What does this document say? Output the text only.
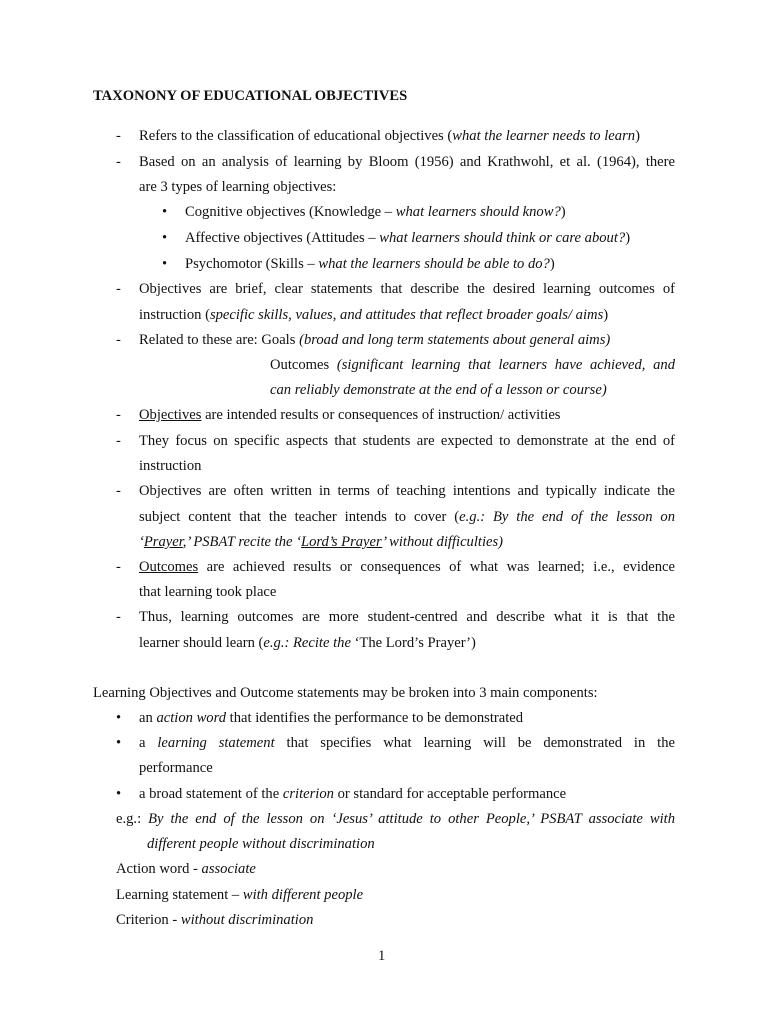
TAXONONY OF EDUCATIONAL OBJECTIVES
- Refers to the classification of educational objectives (what the learner needs to learn)
- Based on an analysis of learning by Bloom (1956) and Krathwohl, et al. (1964), there
are 3 types of learning objectives:
• Cognitive objectives (Knowledge – what learners should know?)
• Affective objectives (Attitudes – what learners should think or care about?)
• Psychomotor (Skills – what the learners should be able to do?)
- Objectives are brief, clear statements that describe the desired learning outcomes of
instruction (specific skills, values, and attitudes that reflect broader goals/ aims)
- Related to these are: Goals (broad and long term statements about general aims)
Outcomes (significant learning that learners have achieved, and
can reliably demonstrate at the end of a lesson or course)
- Objectives are intended results or consequences of instruction/ activities
- They focus on specific aspects that students are expected to demonstrate at the end of
instruction
- Objectives are often written in terms of teaching intentions and typically indicate the
subject content that the teacher intends to cover (e.g.: By the end of the lesson on
‘Prayer,’ PSBAT recite the ‘Lord’s Prayer’ without difficulties)
- Outcomes are achieved results or consequences of what was learned; i.e., evidence
that learning took place
- Thus, learning outcomes are more student-centred and describe what it is that the
learner should learn (e.g.: Recite the ‘The Lord’s Prayer’)
Learning Objectives and Outcome statements may be broken into 3 main components:
• an action word that identifies the performance to be demonstrated
• a learning statement that specifies what learning will be demonstrated in the
performance
• a broad statement of the criterion or standard for acceptable performance
e.g.: By the end of the lesson on ‘Jesus’ attitude to other People,’ PSBAT associate with
different people without discrimination
Action word - associate
Learning statement – with different people
Criterion - without discrimination
1
